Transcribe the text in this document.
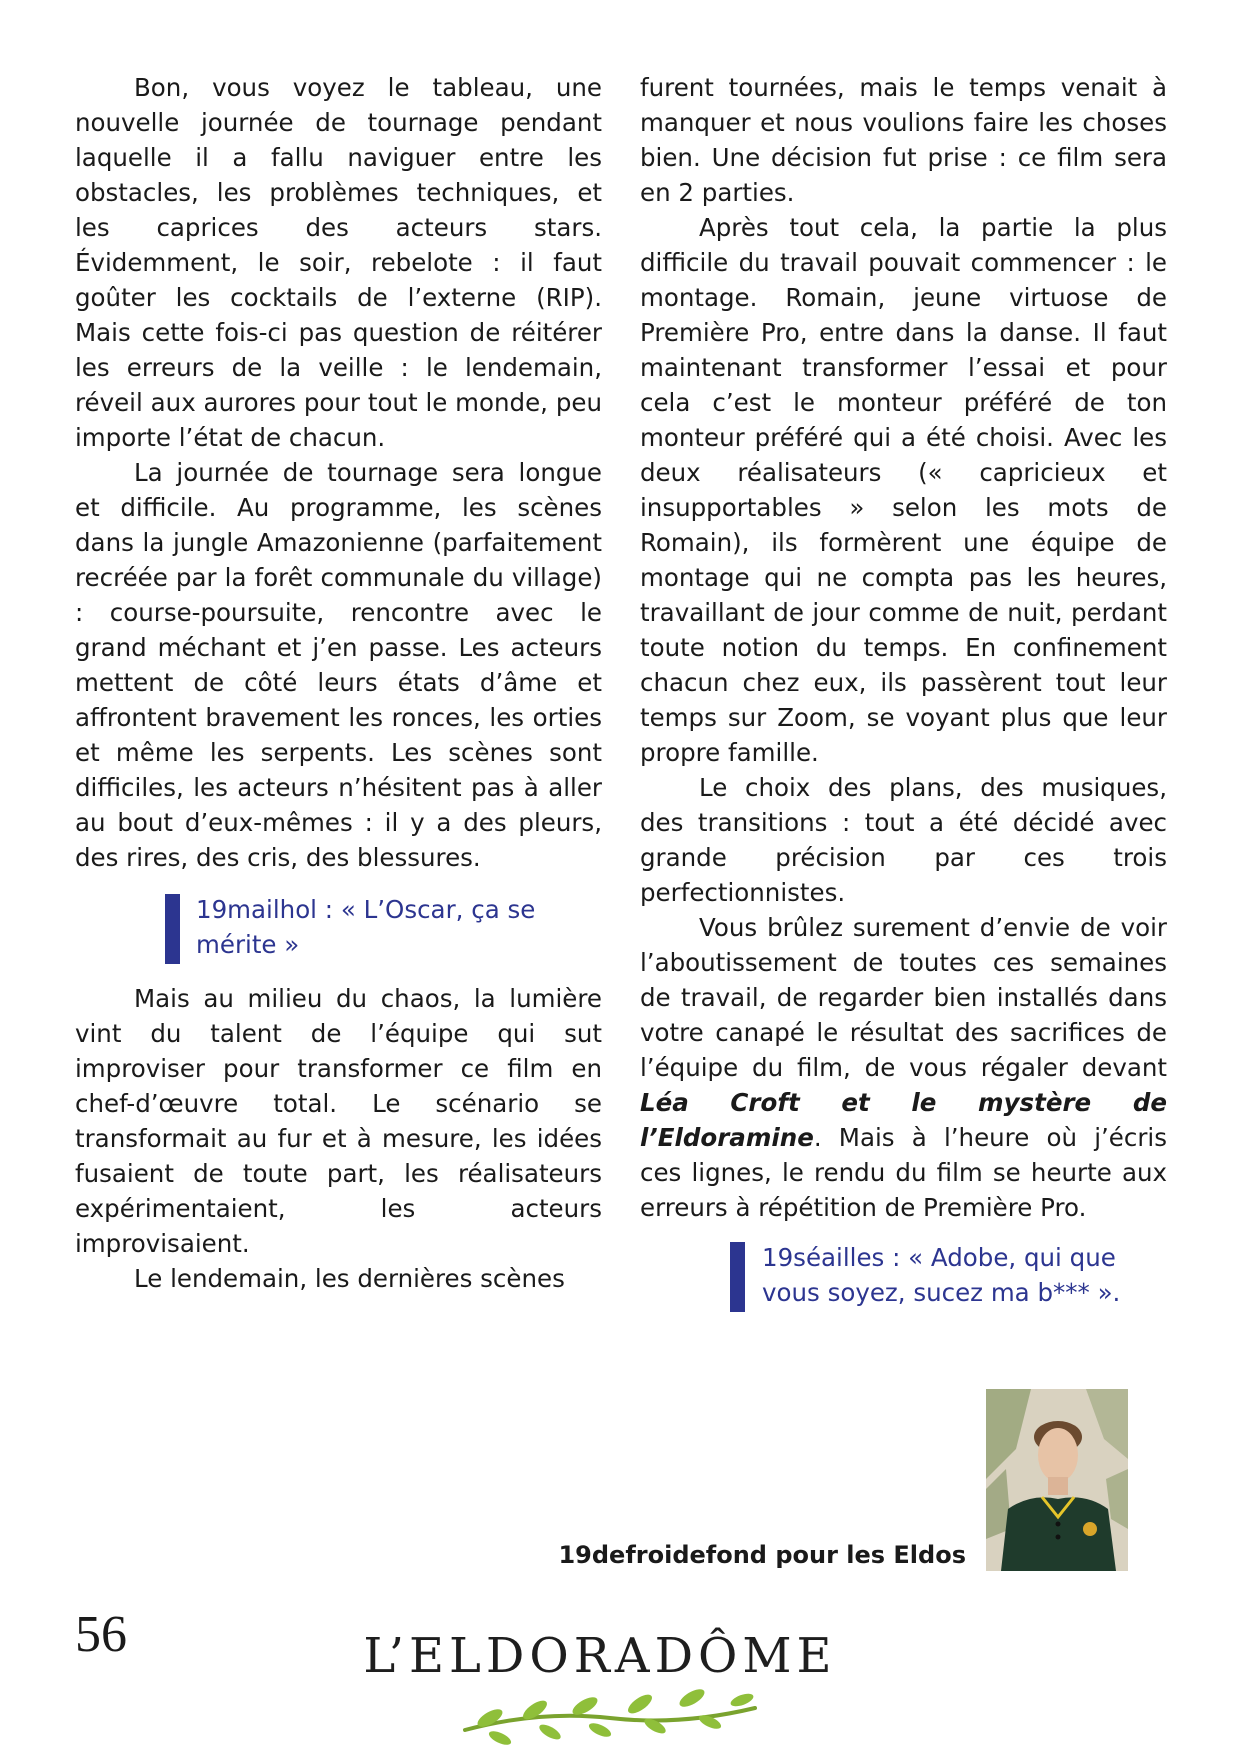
Bon, vous voyez le tableau, une nouvelle journée de tournage pendant laquelle il a fallu naviguer entre les obstacles, les problèmes techniques, et les caprices des acteurs stars. Évidemment, le soir, rebelote : il faut goûter les cocktails de l’externe (RIP). Mais cette fois-ci pas question de réitérer les erreurs de la veille : le lendemain, réveil aux aurores pour tout le monde, peu importe l’état de chacun.

La journée de tournage sera longue et difficile. Au programme, les scènes dans la jungle Amazonienne (parfaitement recréée par la forêt communale du village) : course-poursuite, rencontre avec le grand méchant et j’en passe. Les acteurs mettent de côté leurs états d’âme et affrontent bravement les ronces, les orties et même les serpents. Les scènes sont difficiles, les acteurs n’hésitent pas à aller au bout d’eux-mêmes : il y a des pleurs, des rires, des cris, des blessures.

19mailhol : « L’Oscar, ça se mérite »

Mais au milieu du chaos, la lumière vint du talent de l’équipe qui sut improviser pour transformer ce film en chef-d’œuvre total. Le scénario se transformait au fur et à mesure, les idées fusaient de toute part, les réalisateurs expérimentaient, les acteurs improvisaient.

Le lendemain, les dernières scènes

furent tournées, mais le temps venait à manquer et nous voulions faire les choses bien. Une décision fut prise : ce film sera en 2 parties.

Après tout cela, la partie la plus difficile du travail pouvait commencer : le montage. Romain, jeune virtuose de Première Pro, entre dans la danse. Il faut maintenant transformer l’essai et pour cela c’est le monteur préféré de ton monteur préféré qui a été choisi. Avec les deux réalisateurs (« capricieux et insupportables » selon les mots de Romain), ils formèrent une équipe de montage qui ne compta pas les heures, travaillant de jour comme de nuit, perdant toute notion du temps. En confinement chacun chez eux, ils passèrent tout leur temps sur Zoom, se voyant plus que leur propre famille.

Le choix des plans, des musiques, des transitions : tout a été décidé avec grande précision par ces trois perfectionnistes.

Vous brûlez surement d’envie de voir l’aboutissement de toutes ces semaines de travail, de regarder bien installés dans votre canapé le résultat des sacrifices de l’équipe du film, de vous régaler devant Léa Croft et le mystère de l’Eldoramine. Mais à l’heure où j’écris ces lignes, le rendu du film se heurte aux erreurs à répétition de Première Pro.

19séailles : « Adobe, qui que vous soyez, sucez ma b*** ».
19defroidefond pour les Eldos
56	L’ELDORADÔME
